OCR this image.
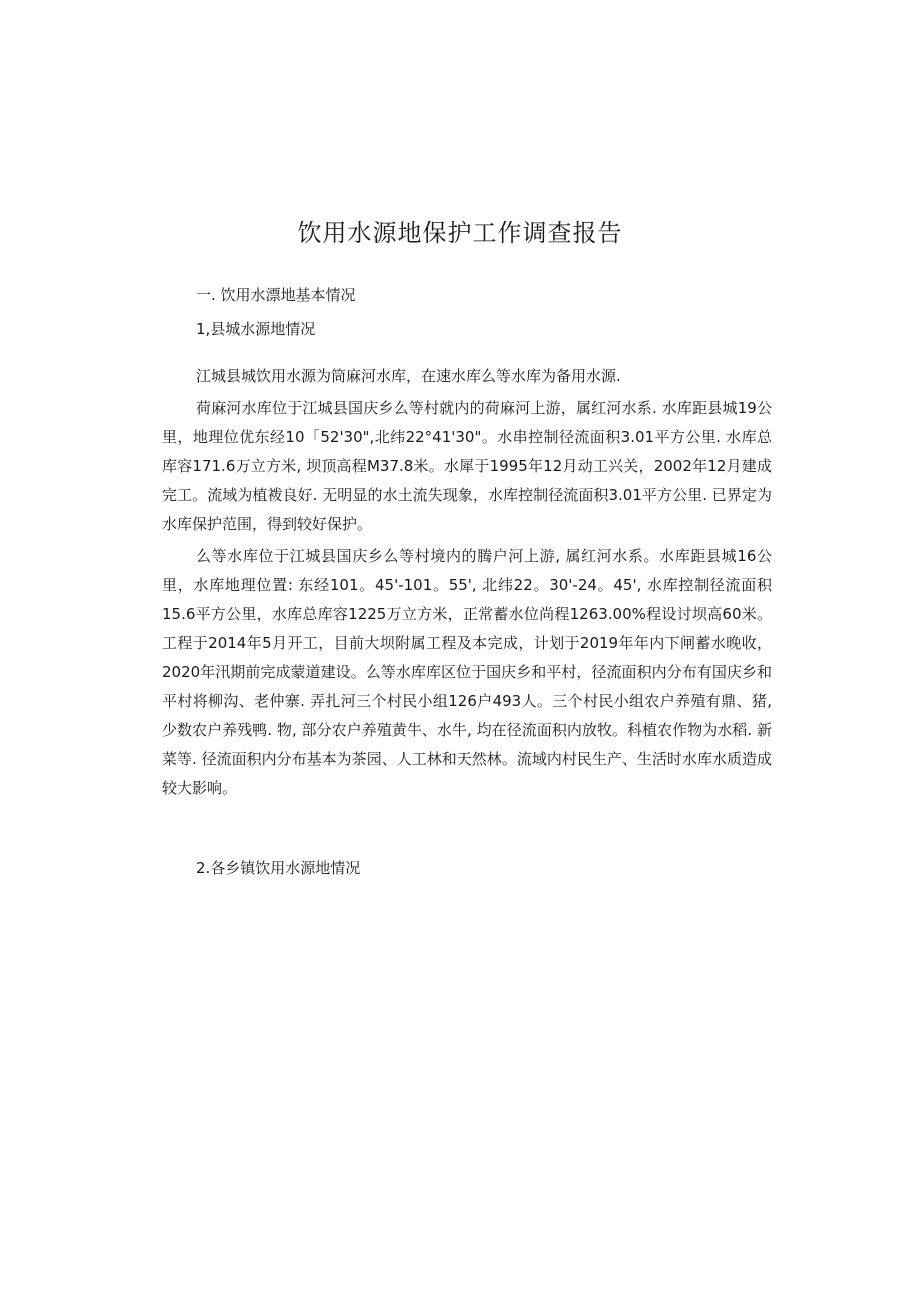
饮用水源地保护工作调查报告
一. 饮用水漂地基本情况
1,县城水源地情况

江城县城饮用水源为筒麻河水库，在速水库么等水库为备用水源.

荷麻河水库位于江城县国庆乡么等村就内的荷麻河上游，属红河水系. 水库距县城19公里，地理位优东经10「52'30",北纬22°41'30"。水串控制径流面积3.01平方公里. 水库总库容171.6万立方米, 坝顶高程M37.8米。水犀于1995年12月动工兴关，2002年12月建成完工。流域为植袯良好. 无明显的水土流失现象，水库控制径流面积3.01平方公里. 已界定为水库保护范围，得到较好保护。

么等水库位于江城县国庆乡么等村境内的腾户河上游, 属红河水系。水库距县城16公里，水库地理位置: 东经101。45'-101。55', 北纬22。30'-24。45', 水库控制径流面积15.6平方公里，水库总库容1225万立方米，正常蓄水位尚程1263.00%程设讨坝高60米。工程于2014年5月开工，目前大坝附属工程及本完成，计划于2019年年内下闸蓄水晚收，2020年汛期前完成蒙道建设。么等水库库区位于国庆乡和平村，径流面积内分布有国庆乡和平村将柳沟、老仲寨. 弄扎河三个村民小组126户493人。三个村民小组农户养殖有鼎、猪, 少数农户养残鸭. 物, 部分农户养殖黄牛、水牛, 均在径流面积内放牧。科植农作物为水稻. 新菜等. 径流面积内分布基本为茶园、人工林和天然林。流域内村民生产、生活时水库水质造成较大影响。

2.各乡镇饮用水源地情况
